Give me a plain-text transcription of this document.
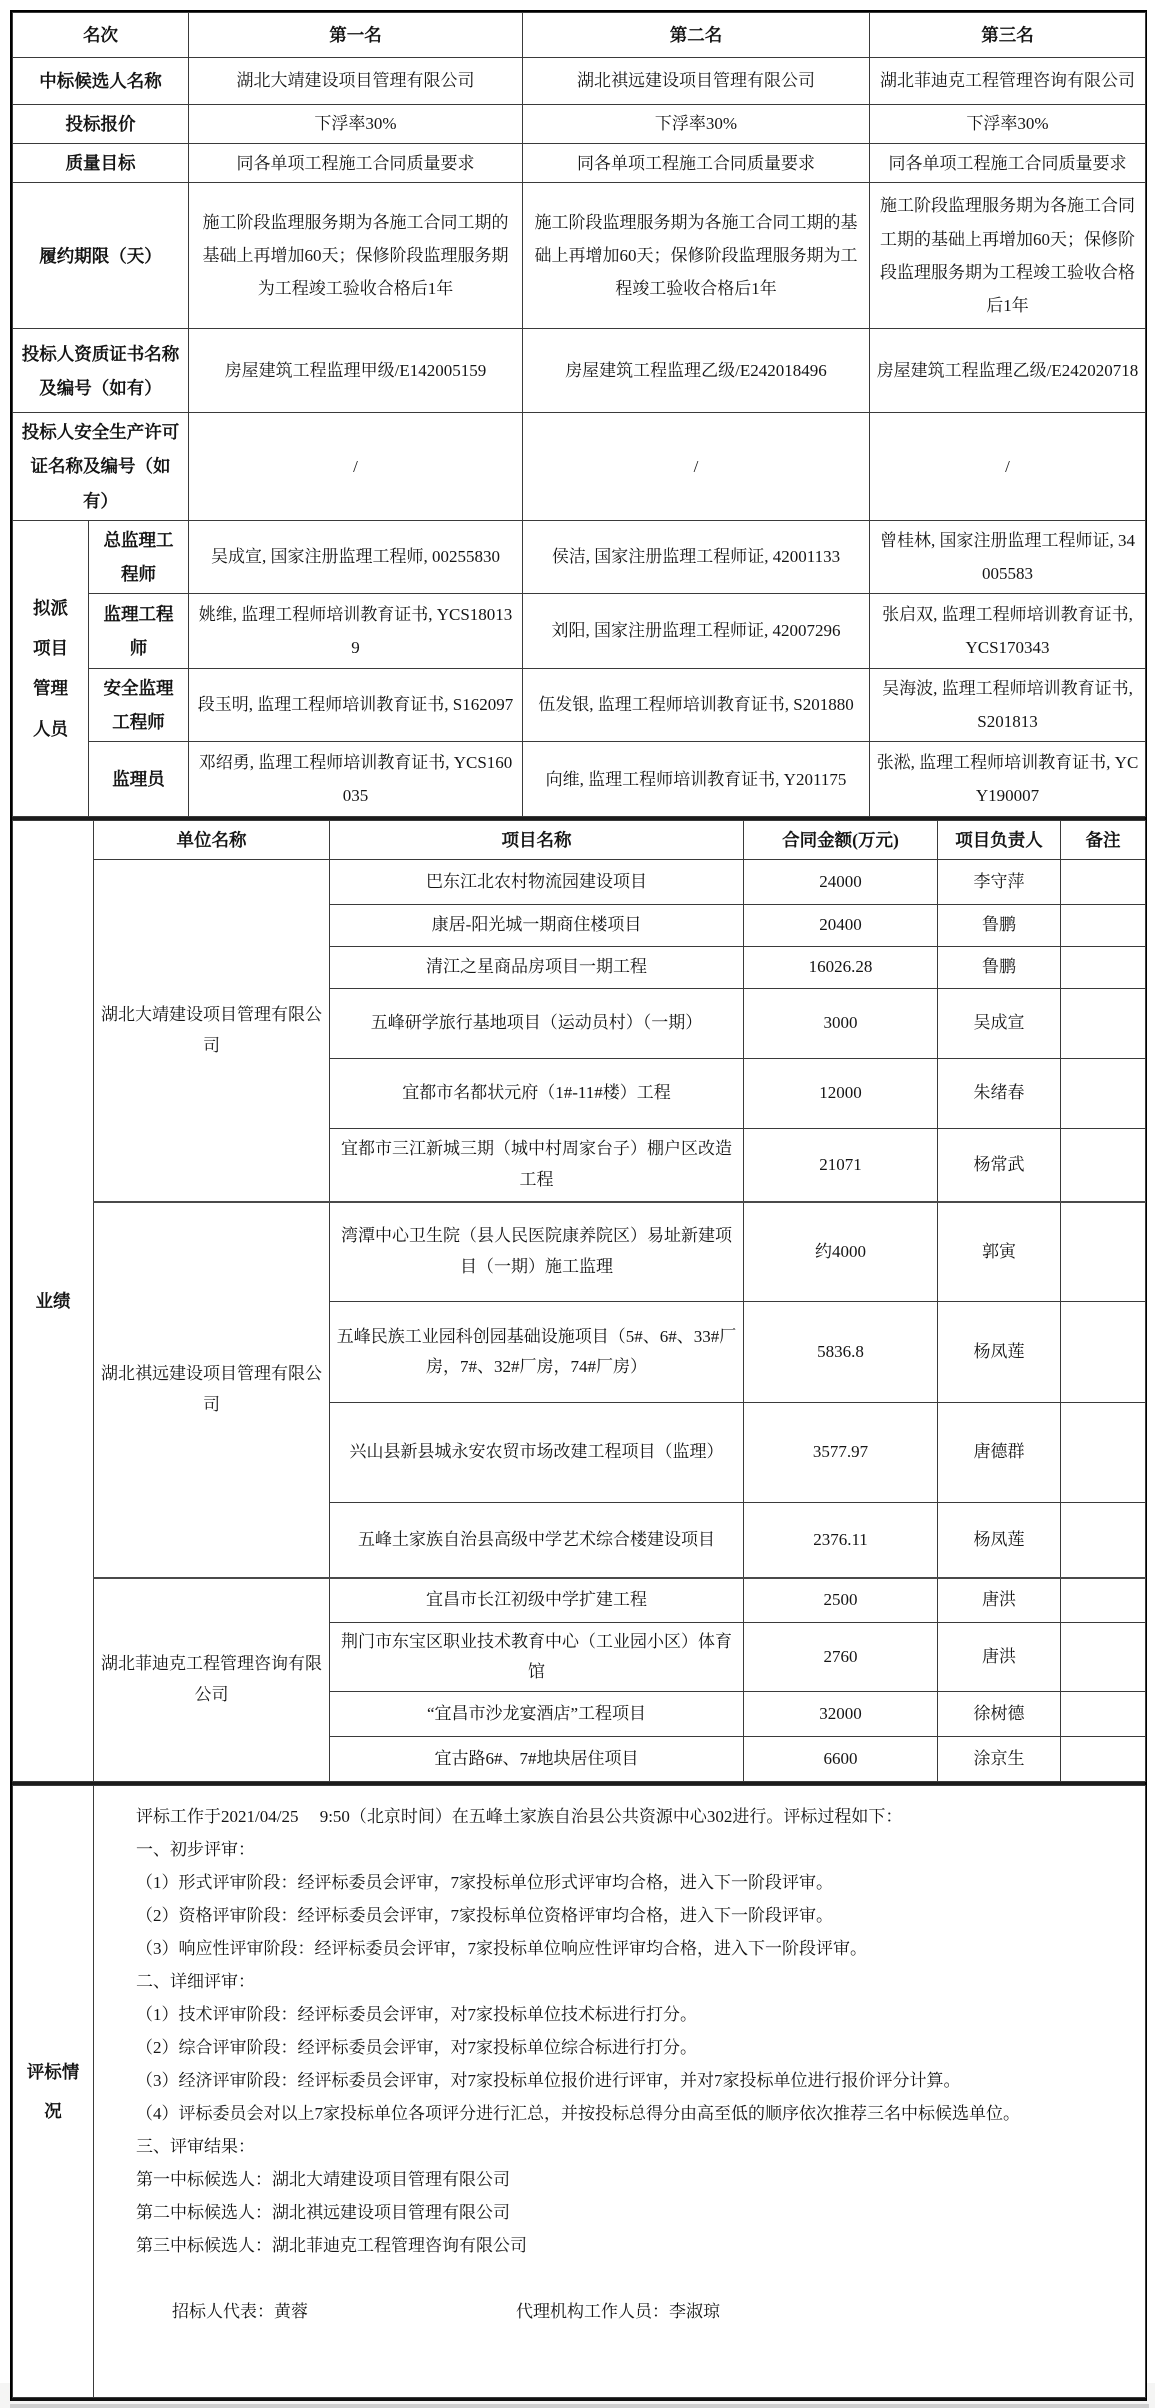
名次		第一名	第二名	第三名
中标候选人名称		湖北大靖建设项目管理有限公司	湖北祺远建设项目管理有限公司	湖北菲迪克工程管理咨询有限公司
投标报价		下浮率30%	下浮率30%	下浮率30%
质量目标		同各单项工程施工合同质量要求	同各单项工程施工合同质量要求	同各单项工程施工合同质量要求
履约期限（天）		施工阶段监理服务期为各施工合同工期的基础上再增加60天；保修阶段监理服务期为工程竣工验收合格后1年	施工阶段监理服务期为各施工合同工期的基础上再增加60天；保修阶段监理服务期为工程竣工验收合格后1年	施工阶段监理服务期为各施工合同工期的基础上再增加60天；保修阶段监理服务期为工程竣工验收合格后1年
投标人资质证书名称及编号（如有）		房屋建筑工程监理甲级/E142005159	房屋建筑工程监理乙级/E242018496	房屋建筑工程监理乙级/E242020718
投标人安全生产许可证名称及编号（如有）		/	/	/

拟派项目管理人员	总监理工程师	吴成宣, 国家注册监理工程师, 00255830	侯洁, 国家注册监理工程师证, 42001133	曾桂林, 国家注册监理工程师证, 34005583
	监理工程师	姚维, 监理工程师培训教育证书, YCS180139	刘阳, 国家注册监理工程师证, 42007296	张启双, 监理工程师培训教育证书, YCS170343
	安全监理工程师	段玉明, 监理工程师培训教育证书, S162097	伍发银, 监理工程师培训教育证书, S201880	吴海波, 监理工程师培训教育证书, S201813
	监理员	邓绍勇, 监理工程师培训教育证书, YCS160035	向维, 监理工程师培训教育证书, Y201175	张淞, 监理工程师培训教育证书, YCY190007
业绩	单位名称	项目名称	合同金额(万元)	项目负责人	备注
	湖北大靖建设项目管理有限公司	巴东江北农村物流园建设项目	24000	李守萍	
		康居-阳光城一期商住楼项目	20400	鲁鹏	
		清江之星商品房项目一期工程	16026.28	鲁鹏	
		五峰研学旅行基地项目（运动员村）（一期）	3000	吴成宣	
		宜都市名都状元府（1#-11#楼）工程	12000	朱绪春	
		宜都市三江新城三期（城中村周家台子）棚户区改造工程	21071	杨常武	
	湖北祺远建设项目管理有限公司	湾潭中心卫生院（县人民医院康养院区）易址新建项目（一期）施工监理	约4000	郭寅	
		五峰民族工业园科创园基础设施项目（5#、6#、33#厂房，7#、32#厂房，74#厂房）	5836.8	杨凤莲	
		兴山县新县城永安农贸市场改建工程项目（监理）	3577.97	唐德群	
		五峰土家族自治县高级中学艺术综合楼建设项目	2376.11	杨凤莲	
	湖北菲迪克工程管理咨询有限公司	宜昌市长江初级中学扩建工程	2500	唐洪	
		荆门市东宝区职业技术教育中心（工业园小区）体育馆	2760	唐洪	
		“宜昌市沙龙宴酒店”工程项目	32000	徐树德	
		宜古路6#、7#地块居住项目	6600	涂京生	
评标情况

评标工作于2021/04/25　 9:50（北京时间）在五峰土家族自治县公共资源中心302进行。评标过程如下：
一、初步评审：
（1）形式评审阶段：经评标委员会评审，7家投标单位形式评审均合格，进入下一阶段评审。
（2）资格评审阶段：经评标委员会评审，7家投标单位资格评审均合格，进入下一阶段评审。
（3）响应性评审阶段：经评标委员会评审，7家投标单位响应性评审均合格，进入下一阶段评审。
二、详细评审：
（1）技术评审阶段：经评标委员会评审，对7家投标单位技术标进行打分。
（2）综合评审阶段：经评标委员会评审，对7家投标单位综合标进行打分。
（3）经济评审阶段：经评标委员会评审，对7家投标单位报价进行评审，并对7家投标单位进行报价评分计算。
（4）评标委员会对以上7家投标单位各项评分进行汇总，并按投标总得分由高至低的顺序依次推荐三名中标候选单位。
三、评审结果：
第一中标候选人：湖北大靖建设项目管理有限公司
第二中标候选人：湖北祺远建设项目管理有限公司
第三中标候选人：湖北菲迪克工程管理咨询有限公司
招标人代表：黄蓉	代理机构工作人员：李淑琼
